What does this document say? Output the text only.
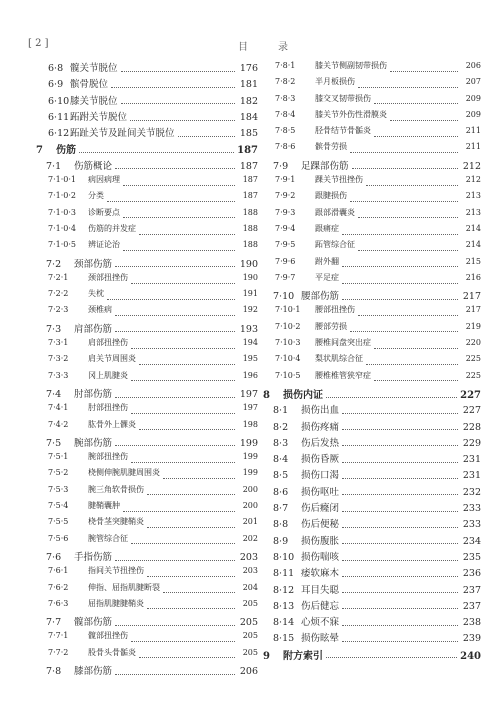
[ 2 ]	目录
6·8 髋关节脱位	176
6·9 髌骨脱位	181
6·10 膝关节脱位	182
6·11 跖跗关节脱位	184
6·12 跖趾关节及趾间关节脱位	185
7	伤筋	187
7·1	伤筋概论	187
7·1·0·1	病因病理	187
7·1·0·2	分类	187
7·1·0·3	诊断要点	188
7·1·0·4	伤筋的并发症	188
7·1·0·5	辨证论治	188
7·2	颈部伤筋	190
7·2·1	颈部扭挫伤	190
7·2·2	失枕	191
7·2·3	颈椎病	192
7·3	肩部伤筋	193
7·3·1	肩部扭挫伤	194
7·3·2	肩关节周围炎	195
7·3·3	冈上肌腱炎	196
7·4	肘部伤筋	197
7·4·1	肘部扭挫伤	197
7·4·2	肱骨外上髁炎	198
7·5	腕部伤筋	199
7·5·1	腕部扭挫伤	199
7·5·2	桡侧伸腕肌腱周围炎	199
7·5·3	腕三角软骨损伤	200
7·5·4	腱鞘囊肿	200
7·5·5	桡骨茎突腱鞘炎	201
7·5·6	腕管综合征	202
7·6	手指伤筋	203
7·6·1	指间关节扭挫伤	203
7·6·2	伸指、屈指肌腱断裂	204
7·6·3	屈指肌腱腱鞘炎	205
7·7	髋部伤筋	205
7·7·1	髋部扭挫伤	205
7·7·2	股骨头骨骺炎	205
7·8	膝部伤筋	206
7·8·1	膝关节侧副韧带损伤	206
7·8·2	半月板损伤	207
7·8·3	膝交叉韧带损伤	209
7·8·4	膝关节外伤性滑膜炎	209
7·8·5	胫骨结节骨骺炎	211
7·8·6	髌骨劳损	211
7·9	足踝部伤筋	212
7·9·1	踝关节扭挫伤	212
7·9·2	跟腱损伤	213
7·9·3	跟部滑囊炎	213
7·9·4	跟痛症	214
7·9·5	跖管综合征	214
7·9·6	跗外翻	215
7·9·7	平足症	216
7·10 腰部伤筋	217
7·10·1	腰部扭挫伤	217
7·10·2	腰部劳损	219
7·10·3	腰椎间盘突出症	220
7·10·4	梨状肌综合征	225
7·10·5	腰椎椎管狭窄症	225
8	损伤内证	227
8·1	损伤出血	227
8·2	损伤疼痛	228
8·3	伤后发热	229
8·4	损伤昏厥	231
8·5	损伤口渴	231
8·6	损伤呕吐	232
8·7	伤后癃闭	233
8·8	伤后便秘	233
8·9	损伤腹胀	234
8·10 损伤喘咳	235
8·11 痿软麻木	236
8·12 耳目失聪	237
8·13 伤后健忘	237
8·14 心烦不寐	238
8·15 损伤眩晕	239
9	附方索引	240
